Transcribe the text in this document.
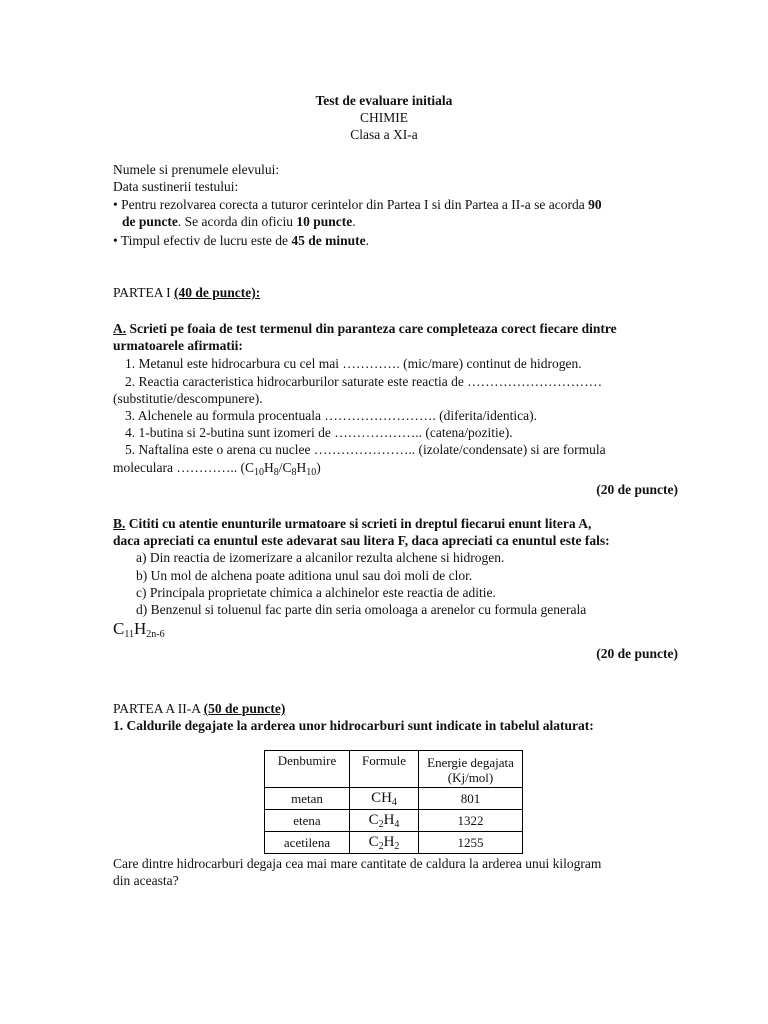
Test de evaluare initiala
CHIMIE
Clasa a XI-a
Numele si prenumele elevului:
Data sustinerii testului:
• Pentru rezolvarea corecta a tuturor cerintelor din Partea I si din Partea a II-a se acorda 90
de puncte. Se acorda din oficiu 10 puncte.
• Timpul efectiv de lucru este de 45 de minute.
PARTEA I (40 de puncte):
A. Scrieti pe foaia de test termenul din paranteza care completeaza corect fiecare dintre
urmatoarele afirmatii:
1. Metanul este hidrocarbura cu cel mai …………. (mic/mare) continut de hidrogen.
2. Reactia caracteristica hidrocarburilor saturate este reactia de …………………………
(substitutie/descompunere).
3. Alchenele au formula procentuala ……………………. (diferita/identica).
4. 1-butina si 2-butina sunt izomeri de ……………….. (catena/pozitie).
5. Naftalina este o arena cu nuclee ………………….. (izolate/condensate) si are formula
moleculara ………….. $(C_{10}H_8/C_8H_{10})$
(20 de puncte)
B. Cititi cu atentie enunturile urmatoare si scrieti in dreptul fiecarui enunt litera A,
daca apreciati ca enuntul este adevarat sau litera F, daca apreciati ca enuntul este fals:
a) Din reactia de izomerizare a alcanilor rezulta alchene si hidrogen.
b) Un mol de alchena poate aditiona unul sau doi moli de clor.
c) Principala proprietate chimica a alchinelor este reactia de aditie.
d) Benzenul si toluenul fac parte din seria omoloaga a arenelor cu formula generala
$C_{11}H_{2n-6}$
(20 de puncte)
PARTEA A II-A (50 de puncte)
1. Caldurile degajate la arderea unor hidrocarburi sunt indicate in tabelul alaturat:
Denbumire	Formule	Energie degajata
(Kj/mol)

metan	$CH_4$	801
etena	$C_2H_4$	1322
acetilena	$C_2H_2$	1255
Care dintre hidrocarburi degaja cea mai mare cantitate de caldura la arderea unui kilogram
din aceasta?
